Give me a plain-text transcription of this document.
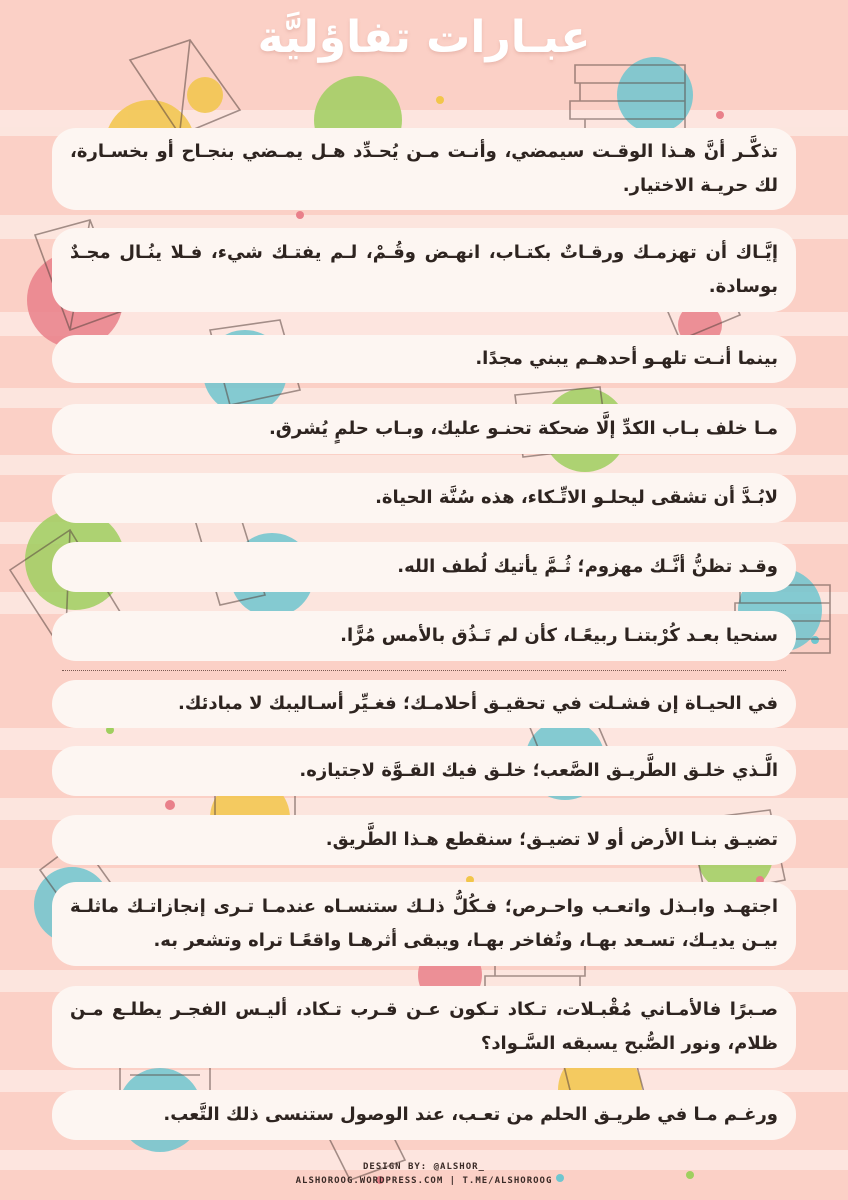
عبـارات تفاؤليَّة
تذكَّـر أنَّ هـذا الوقـت سيمضي، وأنـت مـن يُحـدِّد هـل يمـضي بنجـاح أو بخسـارة، لك حريـة الاختيار.
إيَّـاك أن تهزمـك ورقـاتٌ بكتـاب، انهـض وقُـمْ، لـم يفتـك شيء، فـلا ينُـال مجـدٌ بوسادة.
بينما أنـت تلهـو أحدهـم يبني مجدًا.
مـا خلف بـاب الكدِّ إلَّا ضحكة تحنـو عليك، وبـاب حلمٍ يُشرق.
لابُـدَّ أن تشقى ليحلـو الاتِّـكاء، هذه سُنَّة الحياة.
وقـد تظنُّ أنَّـك مهزوم؛ ثُـمَّ يأتيك لُطف الله.
سنحيا بعـد كُرْبتنـا ربيعًـا، كأن لم تَـذُق بالأمس مُرًّا.
في الحيـاة إن فشـلت في تحقيـق أحلامـك؛ فغـيِّر أسـاليبك لا مبادئك.
الَّـذي خلـق الطَّريـق الصَّعب؛ خلـق فيك القـوَّة لاجتيازه.
تضيـق بنـا الأرض أو لا تضيـق؛ سنقطع هـذا الطَّريق.
اجتهـد وابـذل واتعـب واحـرص؛ فـكُلُّ ذلـك ستنسـاه عندمـا تـرى إنجازاتـك ماثلـة بيـن يديـك، تسـعد بهـا، وتُفاخر بهـا، ويبقى أثرهـا واقعًـا تراه وتشعر به.
صـبرًا فالأمـاني مُقْبـلات، تـكاد تـكون عـن قـرب تـكاد، أليـس الفجـر يطلـع مـن ظلام، ونور الصُّبح يسبقه السَّـواد؟
ورغـم مـا في طريـق الحلم من تعـب، عند الوصول ستنسى ذلك التَّعب.
DESIGN BY: @ALSHOR_
ALSHOROOG.WORDPRESS.COM | T.ME/ALSHOROOG
